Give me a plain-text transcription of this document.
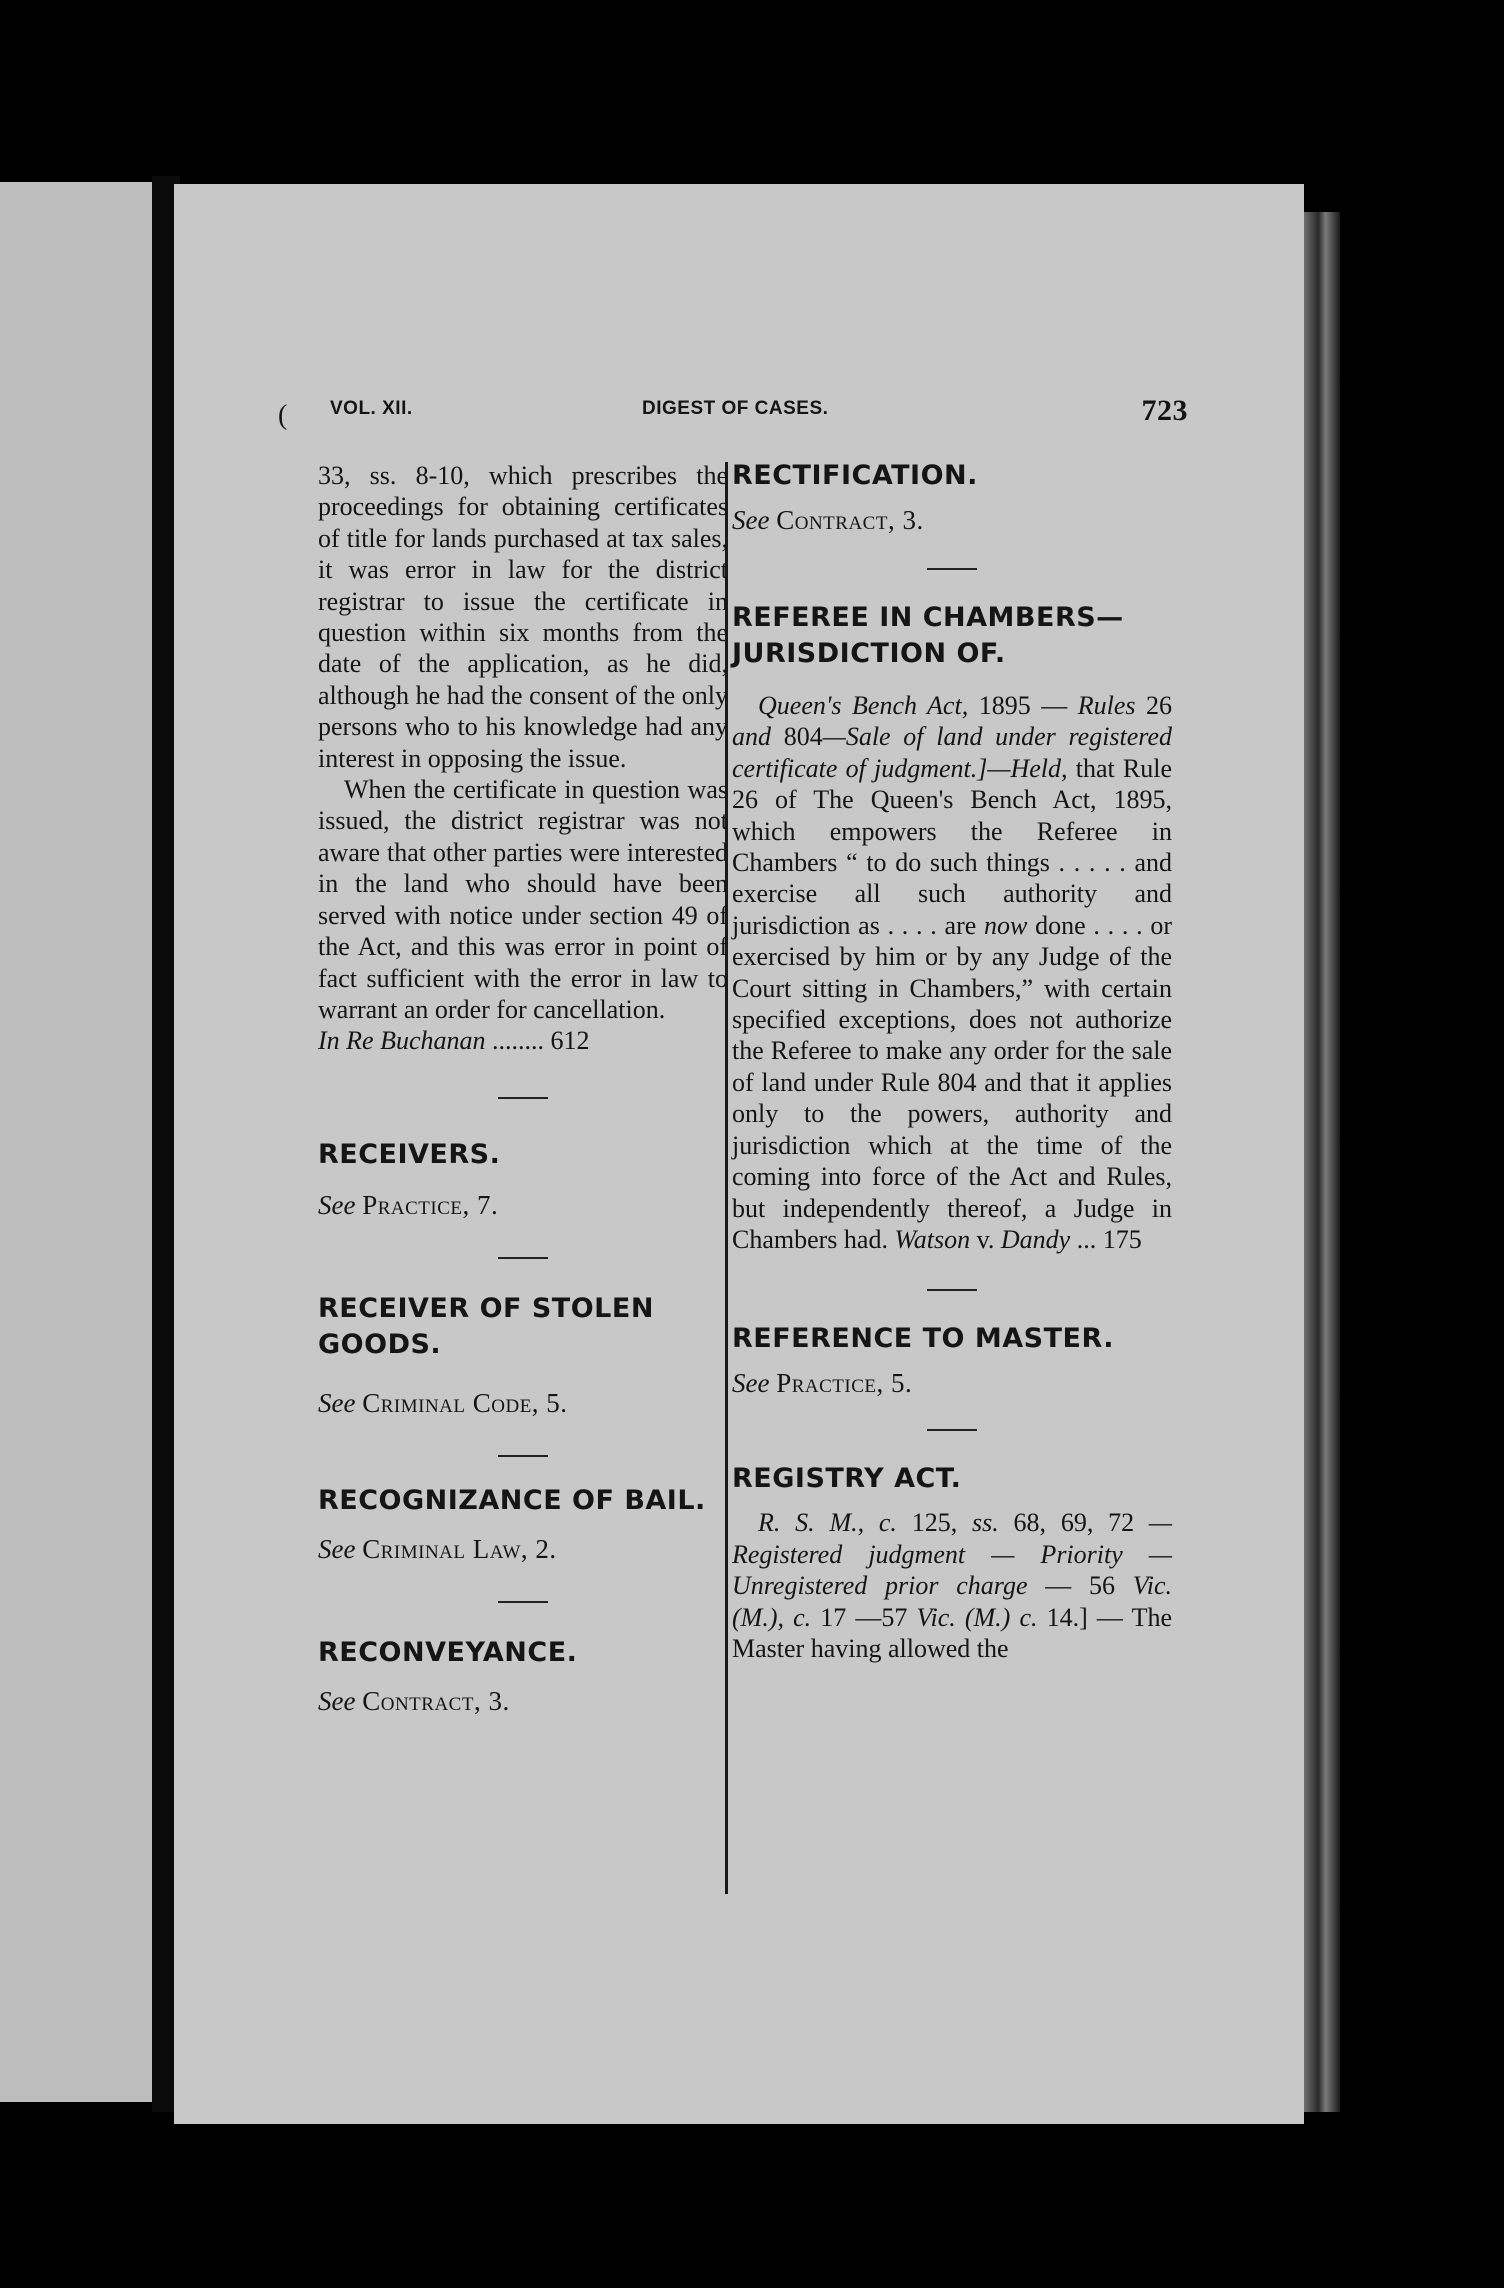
( VOL. XII.	DIGEST OF CASES.	723

33, ss. 8-10, which prescribes the proceedings for obtaining certificates of title for lands purchased at tax sales, it was error in law for the district registrar to issue the certificate in question within six months from the date of the application, as he did, although he had the consent of the only persons who to his knowledge had any interest in opposing the issue.

When the certificate in question was issued, the district registrar was not aware that other parties were interested in the land who should have been served with notice under section 49 of the Act, and this was error in point of fact sufficient with the error in law to warrant an order for cancellation.

In Re Buchanan ........ 612

RECEIVERS.

See Practice, 7.

RECEIVER OF STOLEN
GOODS.

See Criminal Code, 5.

RECOGNIZANCE OF BAIL.

See Criminal Law, 2.

RECONVEYANCE.

See Contract, 3.

RECTIFICATION.

See Contract, 3.

REFEREE IN CHAMBERS—
JURISDICTION OF.

Queen's Bench Act, 1895 — Rules 26 and 804—Sale of land under registered certificate of judgment.]—Held, that Rule 26 of The Queen's Bench Act, 1895, which empowers the Referee in Chambers “ to do such things . . . . . and exercise all such authority and jurisdiction as . . . . are now done . . . . or exercised by him or by any Judge of the Court sitting in Chambers,” with certain specified exceptions, does not authorize the Referee to make any order for the sale of land under Rule 804 and that it applies only to the powers, authority and jurisdiction which at the time of the coming into force of the Act and Rules, but independently thereof, a Judge in Chambers had. Watson v. Dandy ... 175

REFERENCE TO MASTER.

See Practice, 5.

REGISTRY ACT.

R. S. M., c. 125, ss. 68, 69, 72 —Registered judgment — Priority — Unregistered prior charge — 56 Vic. (M.), c. 17 —57 Vic. (M.) c. 14.] — The Master having allowed the
